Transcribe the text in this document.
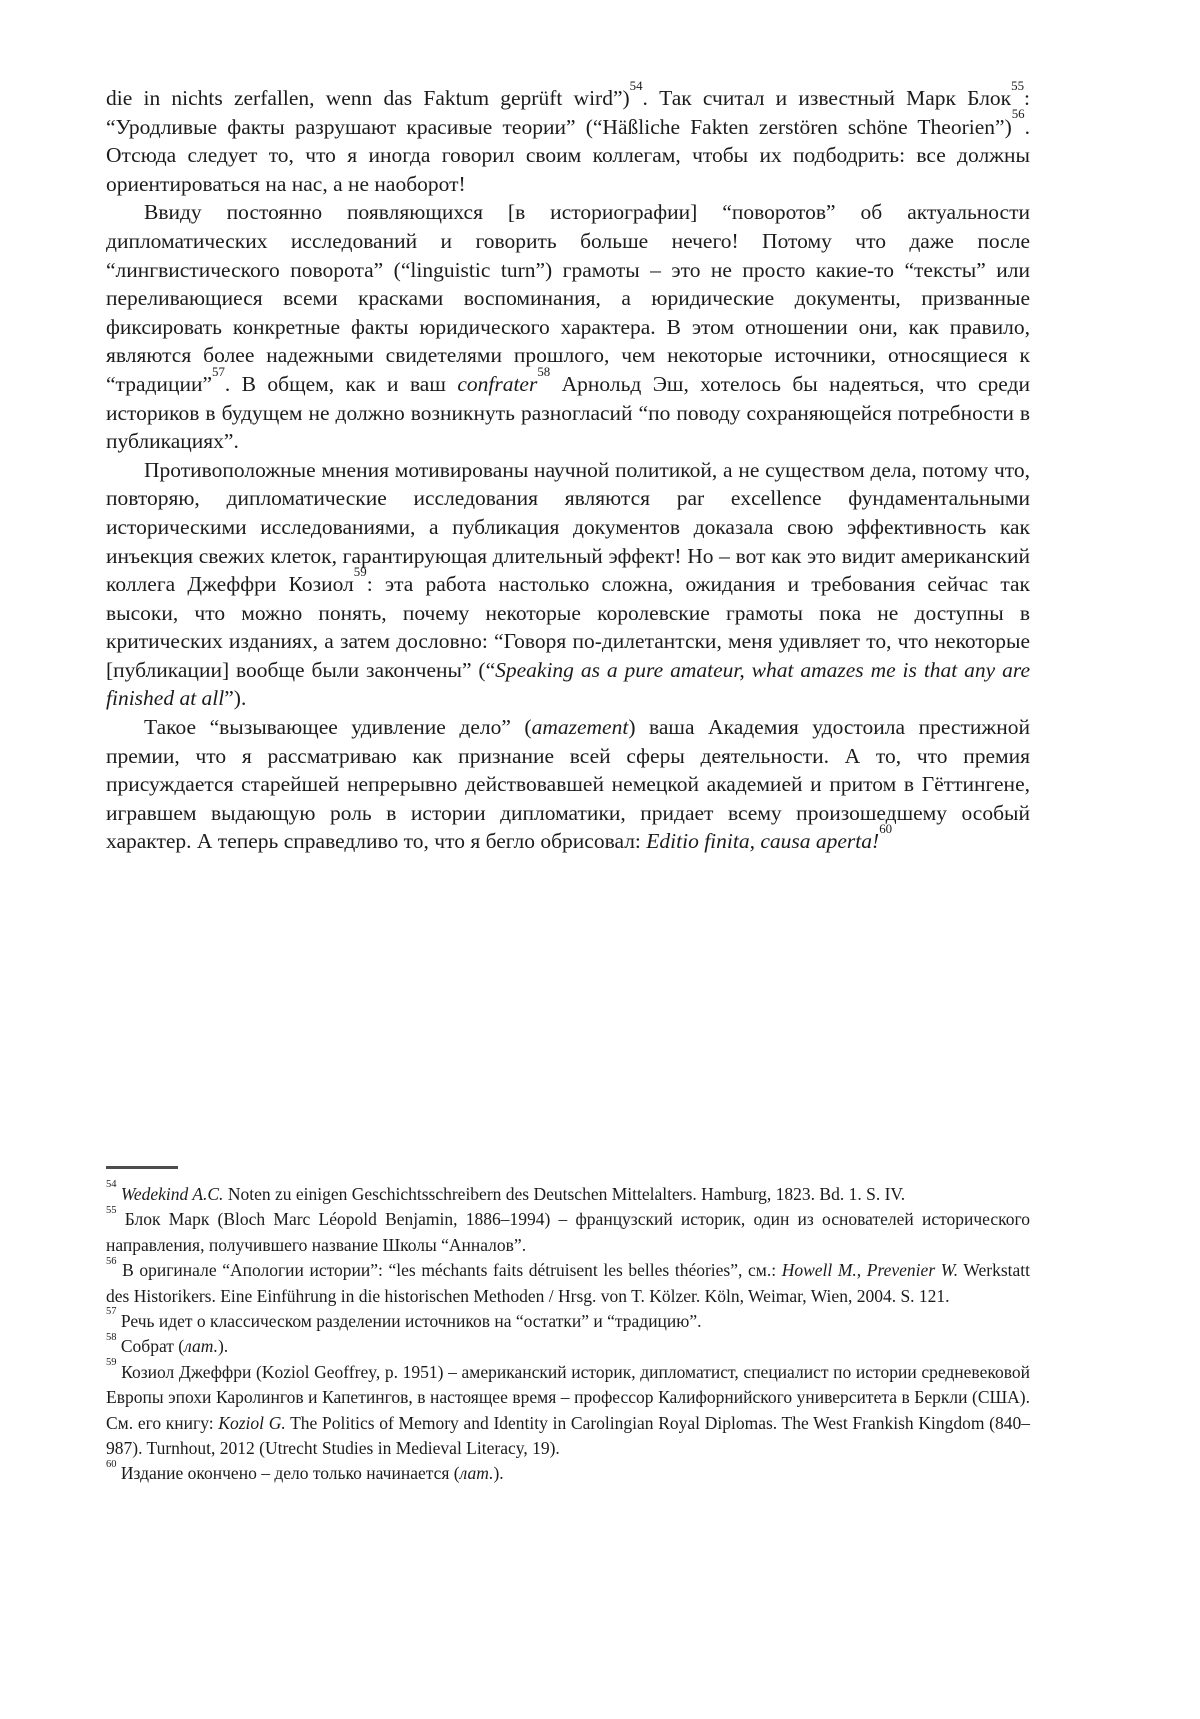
die in nichts zerfallen, wenn das Faktum geprüft wird”)$^{54}$. Так считал и известный Марк Блок$^{55}$: “Уродливые факты разрушают красивые теории” (“Häßliche Fakten zerstören schöne Theorien”)$^{56}$. Отсюда следует то, что я иногда говорил своим коллегам, чтобы их подбодрить: все должны ориентироваться на нас, а не наоборот!

Ввиду постоянно появляющихся [в историографии] “поворотов” об актуальности дипломатических исследований и говорить больше нечего! Потому что даже после “лингвистического поворота” (“linguistic turn”) грамоты – это не просто какие-то “тексты” или переливающиеся всеми красками воспоминания, а юридические документы, призванные фиксировать конкретные факты юридического характера. В этом отношении они, как правило, являются более надежными свидетелями прошлого, чем некоторые источники, относящиеся к “традиции”$^{57}$. В общем, как и ваш confrater$^{58}$ Арнольд Эш, хотелось бы надеяться, что среди историков в будущем не должно возникнуть разногласий “по поводу сохраняющейся потребности в публикациях”.

Противоположные мнения мотивированы научной политикой, а не существом дела, потому что, повторяю, дипломатические исследования являются par excellence фундаментальными историческими исследованиями, а публикация документов доказала свою эффективность как инъекция свежих клеток, гарантирующая длительный эффект! Но – вот как это видит американский коллега Джеффри Козиол$^{59}$: эта работа настолько сложна, ожидания и требования сейчас так высоки, что можно понять, почему некоторые королевские грамоты пока не доступны в критических изданиях, а затем дословно: “Говоря по-дилетантски, меня удивляет то, что некоторые [публикации] вообще были закончены” (“Speaking as a pure amateur, what amazes me is that any are finished at all”).

Такое “вызывающее удивление дело” (amazement) ваша Академия удостоила престижной премии, что я рассматриваю как признание всей сферы деятельности. А то, что премия присуждается старейшей непрерывно действовавшей немецкой академией и притом в Гёттингене, игравшем выдающую роль в истории дипломатики, придает всему произошедшему особый характер. А теперь справедливо то, что я бегло обрисовал: Editio finita, causa aperta!$^{60}$

$^{54}$ Wedekind A.C. Noten zu einigen Geschichtsschreibern des Deutschen Mittelalters. Hamburg, 1823. Bd. 1. S. IV.

$^{55}$ Блок Марк (Bloch Marc Léopold Benjamin, 1886–1994) – французский историк, один из основателей исторического направления, получившего название Школы “Анналов”.

$^{56}$ В оригинале “Апологии истории”: “les méchants faits détruisent les belles théories”, см.: Howell M., Prevenier W. Werkstatt des Historikers. Eine Einführung in die historischen Methoden / Hrsg. von T. Kölzer. Köln, Weimar, Wien, 2004. S. 121.

$^{57}$ Речь идет о классическом разделении источников на “остатки” и “традицию”.

$^{58}$ Собрат (лат.).

$^{59}$ Козиол Джеффри (Koziol Geoffrey, р. 1951) – американский историк, дипломатист, специалист по истории средневековой Европы эпохи Каролингов и Капетингов, в настоящее время – профессор Калифорнийского университета в Беркли (США). См. его книгу: Koziol G. The Politics of Memory and Identity in Carolingian Royal Diplomas. The West Frankish Kingdom (840–987). Turnhout, 2012 (Utrecht Studies in Medieval Literacy, 19).

$^{60}$ Издание окончено – дело только начинается (лат.).
